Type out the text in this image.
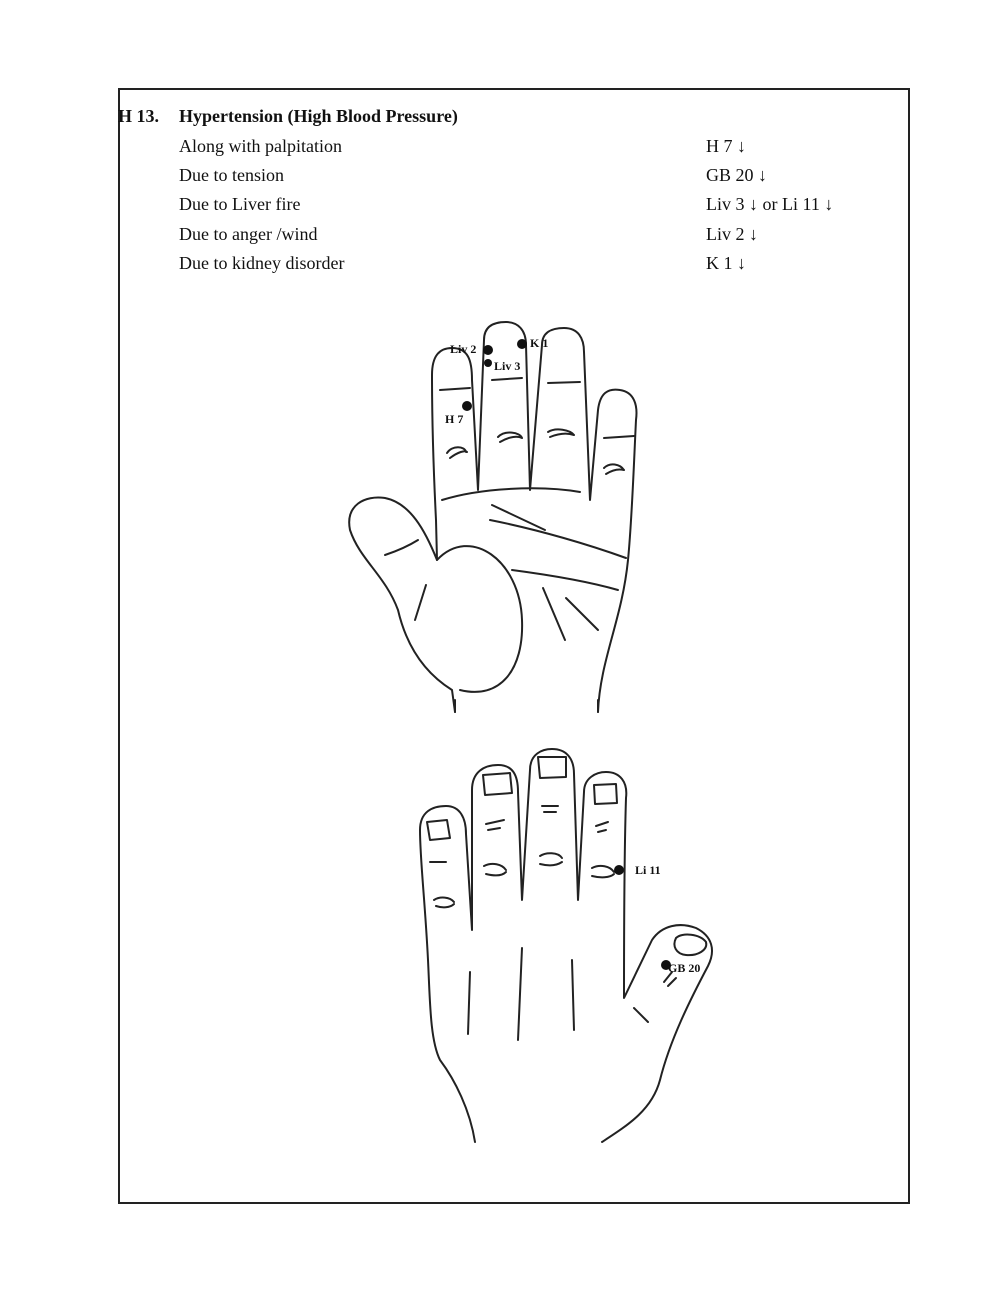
H 13. Hypertension (High Blood Pressure)
Along with palpitation	H 7 ↓
Due to tension	GB 20 ↓
Due to Liver fire	Liv 3 ↓ or Li 11 ↓
Due to anger /wind	Liv 2 ↓
Due to kidney disorder	K 1 ↓
Liv 2
Liv 3
K 1
H 7
Li 11
GB 20
